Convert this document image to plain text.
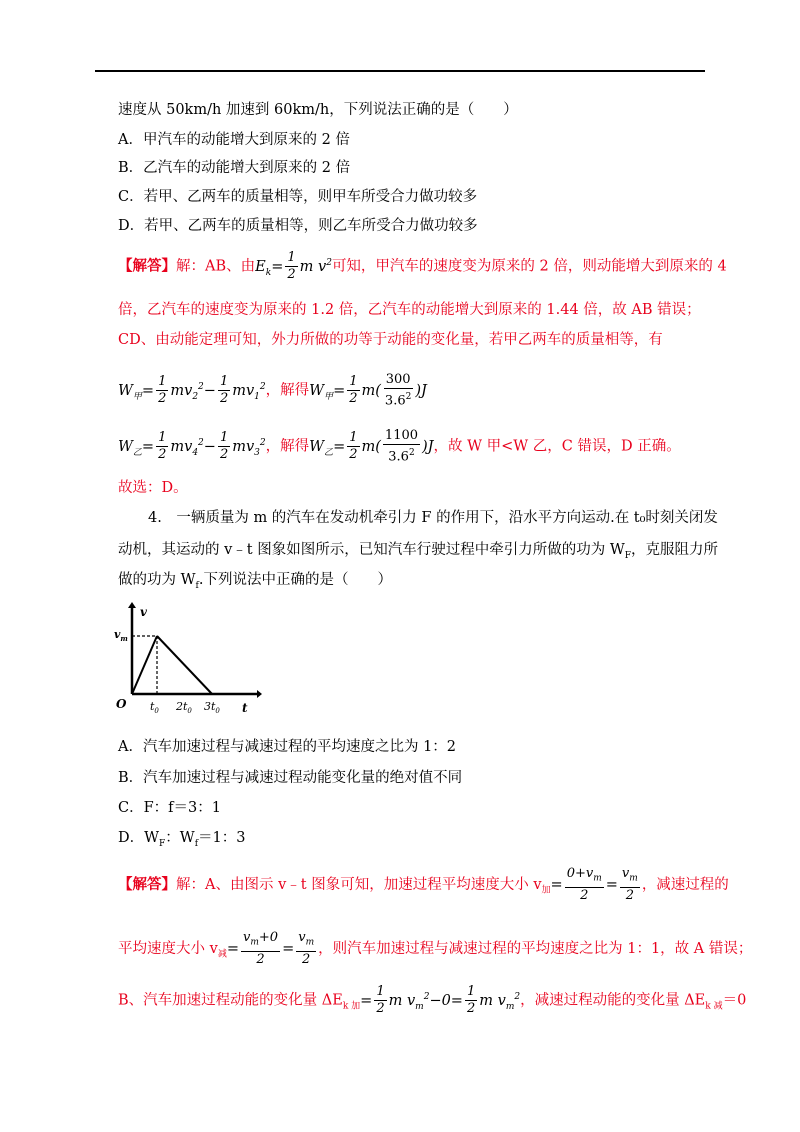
速度从 50km/h 加速到 60km/h，下列说法正确的是（　　）
A．甲汽车的动能增大到原来的 2 倍
B．乙汽车的动能增大到原来的 2 倍
C．若甲、乙两车的质量相等，则甲车所受合力做功较多
D．若甲、乙两车的质量相等，则乙车所受合力做功较多
【解答】解：AB、由$E_k= \frac{1}{2}$ m $v^2$可知，甲汽车的速度变为原来的 2 倍，则动能增大到原来的 4
倍，乙汽车的速度变为原来的 1.2 倍，乙汽车的动能增大到原来的 1.44 倍，故 AB 错误；
CD、由动能定理可知，外力所做的功等于动能的变化量，若甲乙两车的质量相等，有
$W_甲= \frac{1}{2} mv_2^2- \frac{1}{2} mv_1^2$，解得$W_甲= \frac{1}{2} m( \frac{300}{3.6^2} )J$
$W_乙= \frac{1}{2} mv_4^2- \frac{1}{2} mv_3^2$，解得$W_乙= \frac{1}{2} m( \frac{1100}{3.6^2} )J$，故 W 甲<W 乙，C 错误，D 正确。
故选：D。
4.　一辆质量为 m 的汽车在发动机牵引力 F 的作用下，沿水平方向运动.在 t₀时刻关闭发
动机，其运动的 v﹣t 图象如图所示，已知汽车行驶过程中牵引力所做的功为 $W_F$，克服阻力所
做的功为 $W_f$.下列说法中正确的是（　　）
v
$v_m$
O $t_0$ $2t_0$ $3t_0$ t
A．汽车加速过程与减速过程的平均速度之比为 1：2
B．汽车加速过程与减速过程动能变化量的绝对值不同
C．F：f＝3：1
D．$W_F$：$W_f=1$：3
【解答】解：A、由图示 v﹣t 图象可知，加速过程平均速度大小 $v_加= \frac{0+v_m}{2} = \frac{v_m}{2}$ ，减速过程的
平均速度大小 $v_减= \frac{v_m+0}{2} = \frac{v_m}{2}$ ，则汽车加速过程与减速过程的平均速度之比为 1：1，故 A 错误；
B、汽车加速过程动能的变化量 $\Delta E_{k 加}= \frac{1}{2}$ m $v_m^2-0= \frac{1}{2}$ m $v_m^2$，减速过程动能的变化量 $\Delta E_{k 减}=0$
